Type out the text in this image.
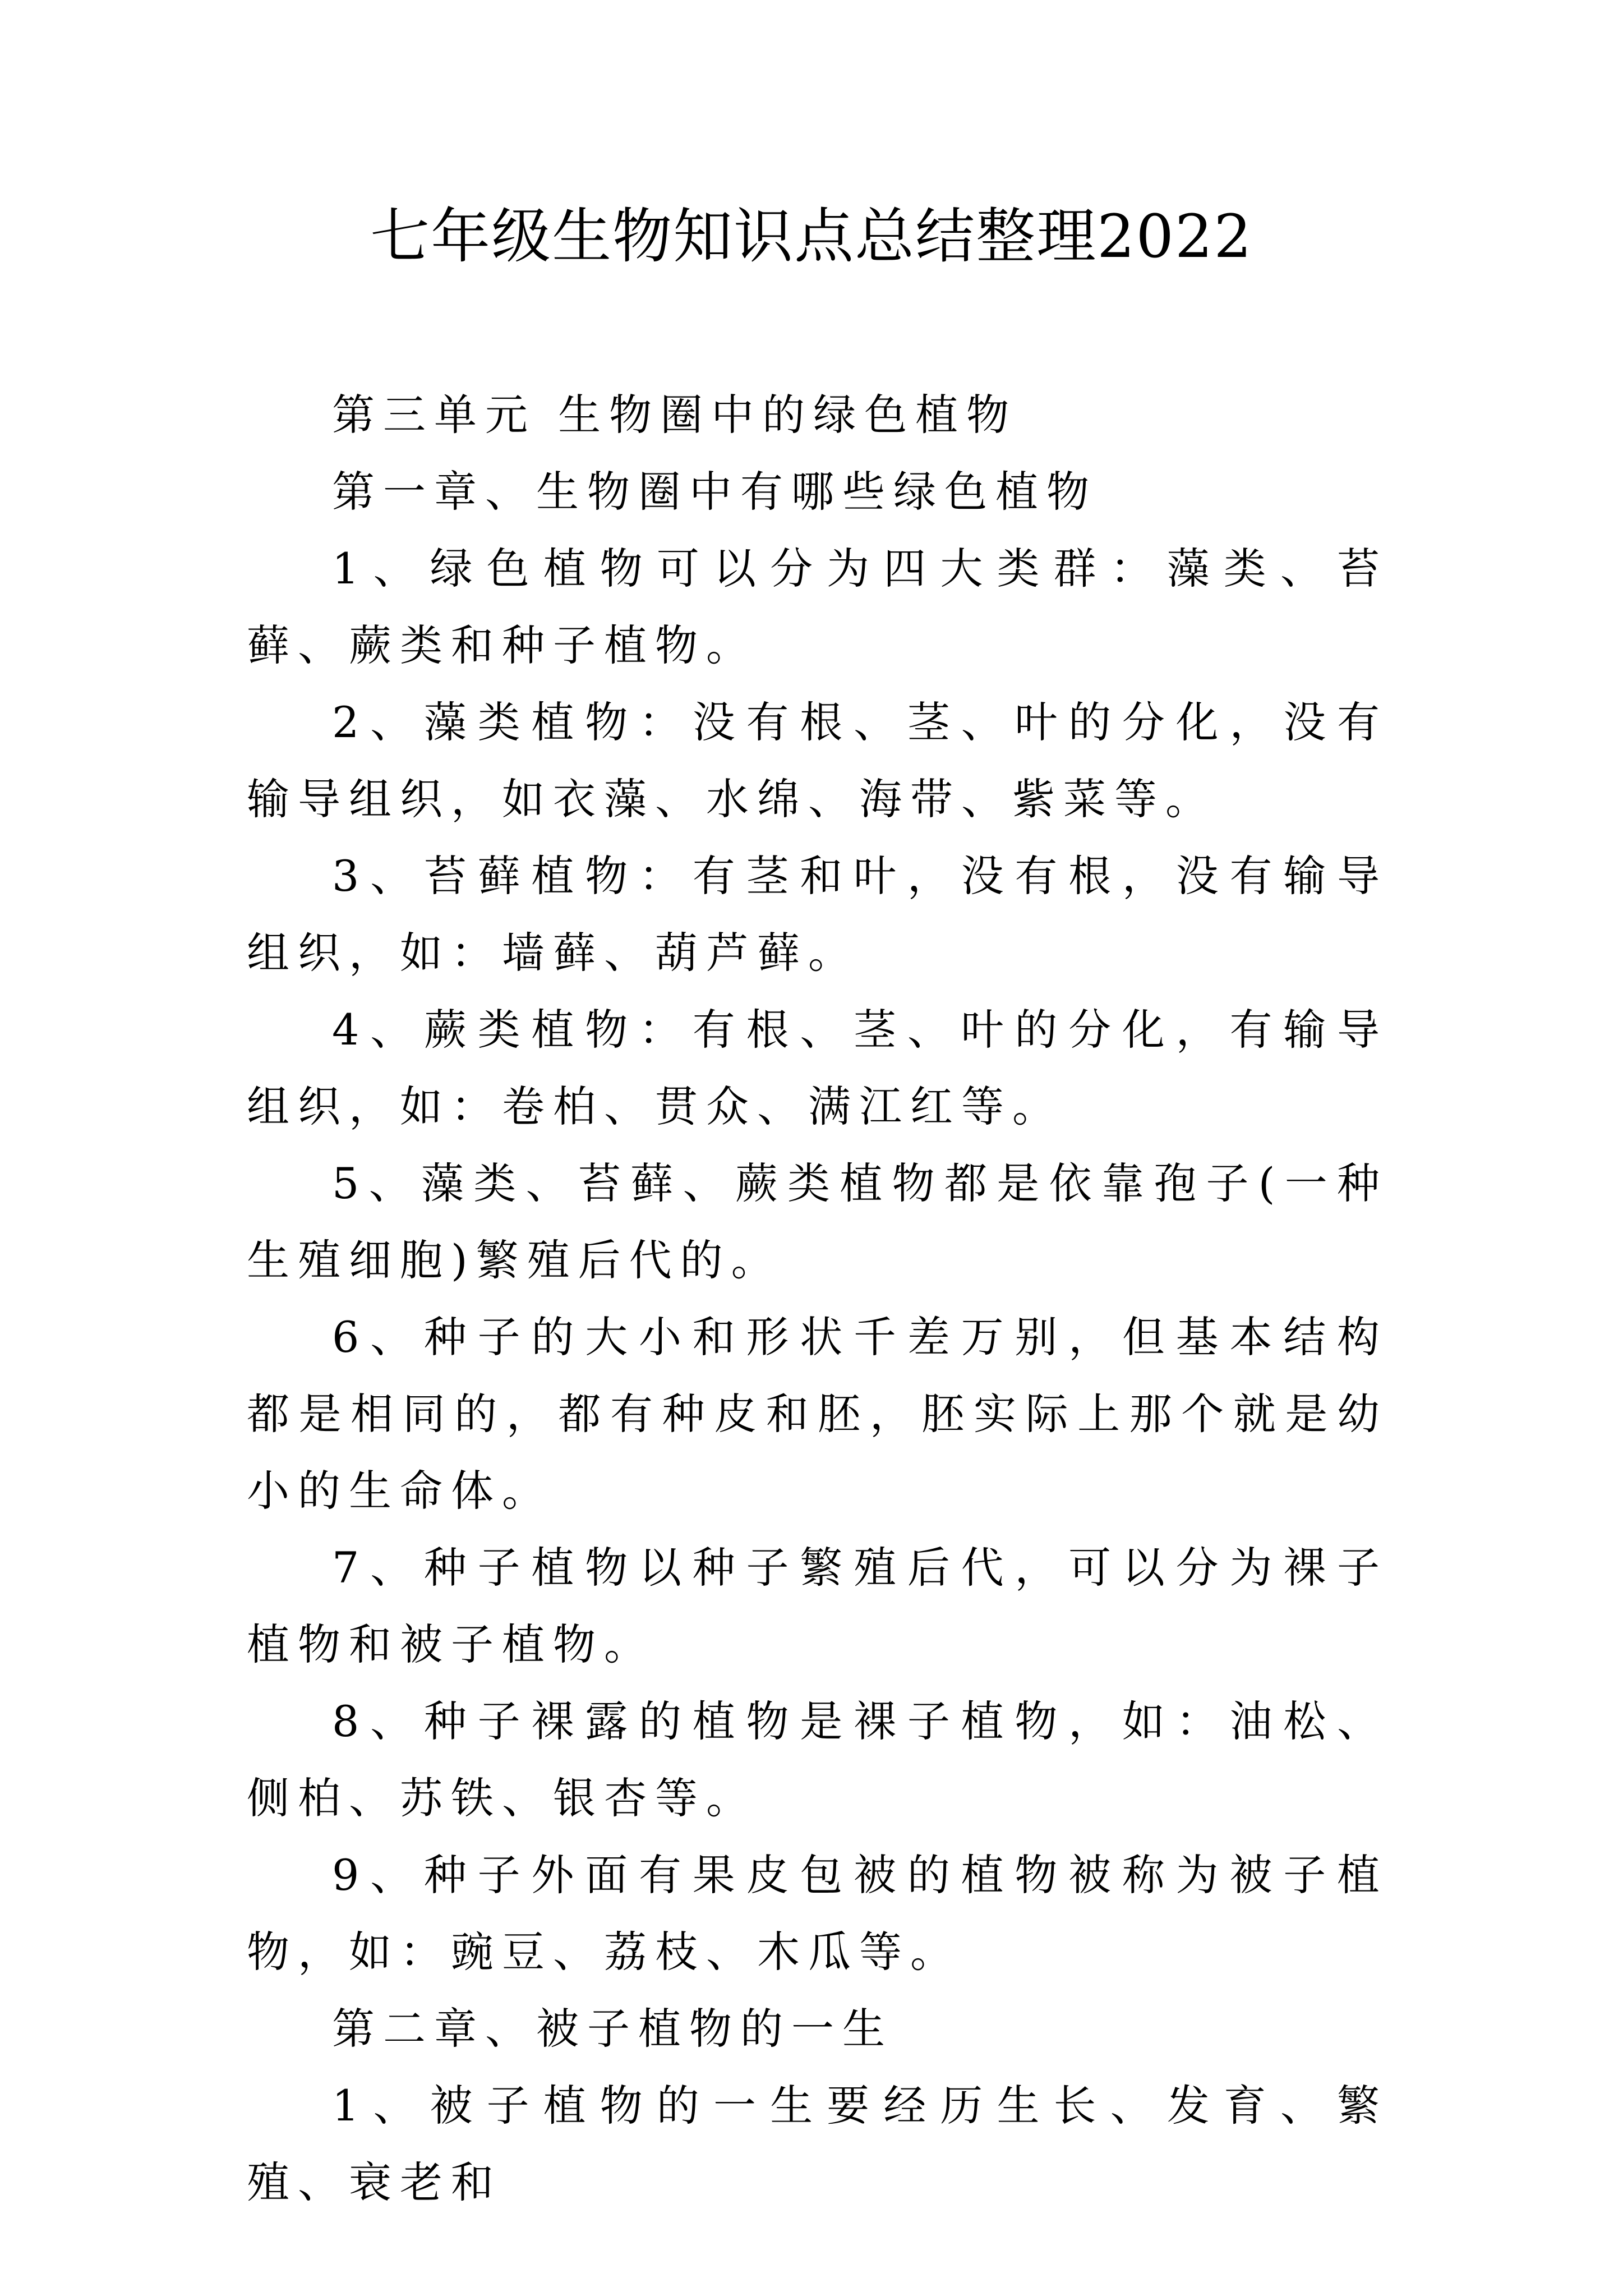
七年级生物知识点总结整理2022

第三单元 生物圈中的绿色植物

第一章、生物圈中有哪些绿色植物

1、绿色植物可以分为四大类群：藻类、苔藓、蕨类和种子植物。

2、藻类植物：没有根、茎、叶的分化，没有输导组织，如衣藻、水绵、海带、紫菜等。

3、苔藓植物：有茎和叶，没有根，没有输导组织，如：墙藓、葫芦藓。

4、蕨类植物：有根、茎、叶的分化，有输导组织，如：卷柏、贯众、满江红等。

5、藻类、苔藓、蕨类植物都是依靠孢子(一种生殖细胞)繁殖后代的。

6、种子的大小和形状千差万别，但基本结构都是相同的，都有种皮和胚，胚实际上那个就是幼小的生命体。

7、种子植物以种子繁殖后代，可以分为裸子植物和被子植物。

8、种子裸露的植物是裸子植物，如：油松、侧柏、苏铁、银杏等。

9、种子外面有果皮包被的植物被称为被子植物，如：豌豆、荔枝、木瓜等。

第二章、被子植物的一生

1、被子植物的一生要经历生长、发育、繁殖、衰老和
